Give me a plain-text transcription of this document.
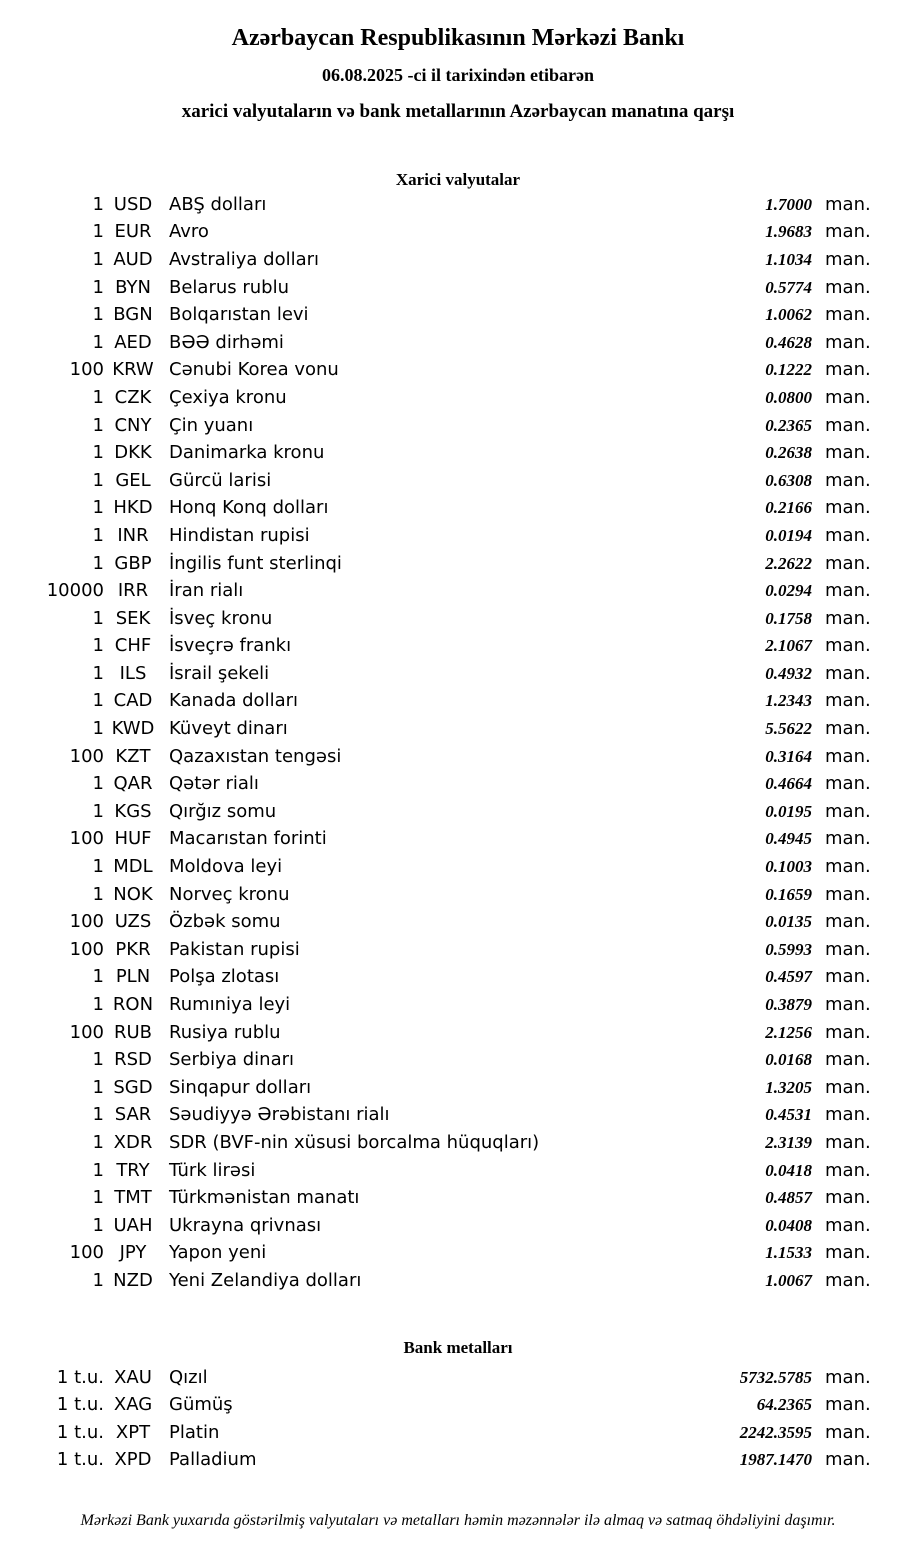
Azərbaycan Respublikasının Mərkəzi Bankı
06.08.2025 -ci il tarixindən etibarən
xarici valyutaların və bank metallarının Azərbaycan manatına qarşı
Xarici valyutalar
1 USD ABŞ dolları	1.7000 man.
1 EUR Avro	1.9683 man.
1 AUD Avstraliya dolları	1.1034 man.
1 BYN	Belarus rublu	0.5774 man.
1 BGN Bolqarıstan levi	1.0062 man.
1 AED BƏƏ dirhəmi	0.4628 man.
100 KRW Cənubi Korea vonu	0.1222 man.
1 CZK Çexiya kronu	0.0800 man.
1 CNY Çin yuanı	0.2365 man.
1 DKK Danimarka kronu	0.2638 man.
1 GEL	Gürcü larisi	0.6308 man.
1 HKD Honq Konq dolları	0.2166 man.
1 INR	Hindistan rupisi	0.0194 man.
1 GBP İngilis funt sterlinqi	2.2622 man.
10000 IRR	İran rialı	0.0294 man.
1 SEK	İsveç kronu	0.1758 man.
1 CHF İsveçrə frankı	2.1067 man.
1 ILS	İsrail şekeli	0.4932 man.
1 CAD Kanada dolları	1.2343 man.
1 KWD Küveyt dinarı	5.5622 man.
100 KZT	Qazaxıstan tengəsi	0.3164 man.
1 QAR Qətər rialı	0.4664 man.
1 KGS Qırğız somu	0.0195 man.
100 HUF Macarıstan forinti	0.4945 man.
1 MDL Moldova leyi	0.1003 man.
1 NOK Norveç kronu	0.1659 man.
100 UZS Özbək somu	0.0135 man.
100 PKR	Pakistan rupisi	0.5993 man.
1 PLN	Polşa zlotası	0.4597 man.
1 RON Rumıniya leyi	0.3879 man.
100 RUB Rusiya rublu	2.1256 man.
1 RSD Serbiya dinarı	0.0168 man.
1 SGD Sinqapur dolları	1.3205 man.
1 SAR Səudiyyə Ərəbistanı rialı	0.4531 man.
1 XDR SDR (BVF-nin xüsusi borcalma hüquqları)	2.3139 man.
1 TRY	Türk lirəsi	0.0418 man.
1 TMT Türkmənistan manatı	0.4857 man.
1 UAH Ukrayna qrivnası	0.0408 man.
100 JPY	Yapon yeni	1.1533 man.
1 NZD Yeni Zelandiya dolları	1.0067 man.
Bank metalları
1 t.u. XAU Qızıl	5732.5785 man.
1 t.u. XAG Gümüş	64.2365 man.
1 t.u. XPT	Platin	2242.3595 man.
1 t.u. XPD Palladium	1987.1470 man.
Mərkəzi Bank yuxarıda göstərilmiş valyutaları və metalları həmin məzənnələr ilə almaq və satmaq öhdəliyini daşımır.
